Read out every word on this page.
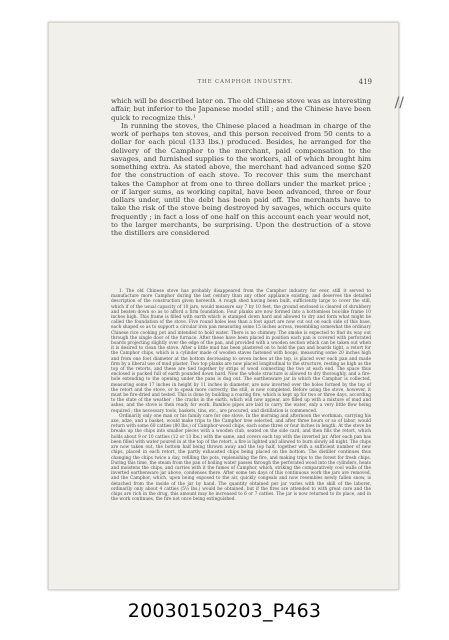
THE CAMPHOR INDUSTRY.	419
//

which will be described later on. The old Chinese stove was as interesting affair, but inferior to the Japanese model still ; and the Chinese have been quick to recognize this.¹

In running the stoves, the Chinese placed a headman in charge of the work of perhaps ten stoves, and this person received from 50 cents to a dollar for each picul (133 lbs.) produced. Besides, he arranged for the delivery of the Camphor to the merchant, paid compensation to the savages, and furnished supplies to the workers, all of which brought him something extra. As stated above, the merchant had advanced some $20 for the construction of each stove. To recover this sum the merchant takes the Camphor at from one to three dollars under the market price ; or if larger sums, as working capital, have been advanced, three or four dollars under, until the debt has been paid off. The merchants have to take the risk of the stove being destroyed by savages, which occurs quite frequently ; in fact a loss of one half on this account each year would not, to the larger merchants, be surprising. Upon the destruction of a stove the distillers are considered

1. The old Chinese stove has probably disappeared from the Camphor industry for ever, still it served to manufacture more Camphor during the last century than any other appliance existing, and deserves the detailed description of the construction given herewith. A rough shed having been built, sufficiently large to cover the still, which if of the usual capacity of 10 jars, would measure say 7 by 10 feet, the ground enclosed is cleared of shrubbery and beaten down so as to afford a firm foundation. Four planks are now formed into a bottomless box-like frame 10 inches high. This frame is filled with earth which is stamped down hard and allowed to dry and form what might be called the foundation of the stove. Five round holes less than a foot apart are now cut out on each side of this base, each shaped so as to support a circular iron pan measuring some 15 inches across, resembling somewhat the ordinary Chinese rice cooking pot and intended to hold water. There is no chimney. The smoke is expected to find its way out through the single door of the furnace. After these have been placed in position each pan is covered with perforated boards projecting slightly over the edge of the pan, and provided with a wooden section which can be taken out when it is desired to clean the stove. After a little mud has been plastered on to hold the pan and boards tight, a retort for the Camphor chips, which is a cylinder made of wooden staves fastened with hoops, measuring some 20 inches high and from one foot diameter at the bottom decreasing to seven inches at the top, is placed over each pan and made firm by a liberal use of mud plaster. Two top planks are now placed longitudinal to the structure, resting as high as the top of the retorts, and these are tied together by strips of wood connecting the two at each end. The space thus enclosed is packed full of earth pounded down hard. Now the whole structure is allowed to dry thoroughly, and a fire-hole extending to the opening under the pans is dug out. The earthenware jar in which the Camphor is collected, measuring some 17 inches in height by 11 inches in diameter, are now inverted over the holes formed by the top of the retort and the stove, or to speak more correctly, the still, is now completed. Before using the stove, however, it must be fire-dried and tested. This is done by building a roaring fire, which is kept up for two or three days, according to the state of the weather ; the cracks in the earth, which will now appear, are filled up with a mixture of mud and ashes, and the stove is then ready for work. Bamboo pipes are laid to carry the water, only a very little flow being required ; the necessary tools, baskets, tins, etc., are procured, and distillation is commenced.

Ordinarily only one man or his family care for one stove. In the morning and afternoon the workman, carrying his axe, adze, and a basket, would make trips to the Camphor tree selected, and after three hours or so of labor, would return with some 60 catties (80 lbs.) of Camphor-wood chips, each some three or four inches in length. At the stove he breaks up the chips into smaller pieces with a wooden club, seated on the side card, and then fills the retort, which holds about 9 or 10 catties (12 or 13 lbs.) with the same, and covers each top with the inverted jar. After each pan has been filled with water poured in at the top of the retort, a fire is lighted and allowed to burn slowly all night. The chips are now taken out, the bottom half being thrown away and the top half, together with a sufficient number of new chips, placed in each retort, the partly exhausted chips being placed on the bottom. The distiller continues thus changing the chips twice a day, refilling the pots, replenishing the fire, and making trips to the forest for fresh chips. During this time, the steam from the pan of boiling water passes through the perforated wood into the cylinders, heats and moistens the chips, and carries with it the fumes of Camphor, which, striking the comparatively cool walls of the inverted earthenware jar above, condenses there. After some ten days of this continuous work the jars are removed, and the Camphor, which, upon being exposed to the air, quickly congeals and now resembles newly fallen snow, is detached from the inside of the jar by hand. The quantity obtained per jar varies with the skill of the laborer, ordinarily only about 4 catties (5⅓ lbs.) would be obtained, but if the fires are attended to with great care and the chips are rich in the drug, this amount may be increased to 6 or 7 catties. The jar is now returned to its place, and in the work continues, the fire not once being extinguished.

20030150203_P463
